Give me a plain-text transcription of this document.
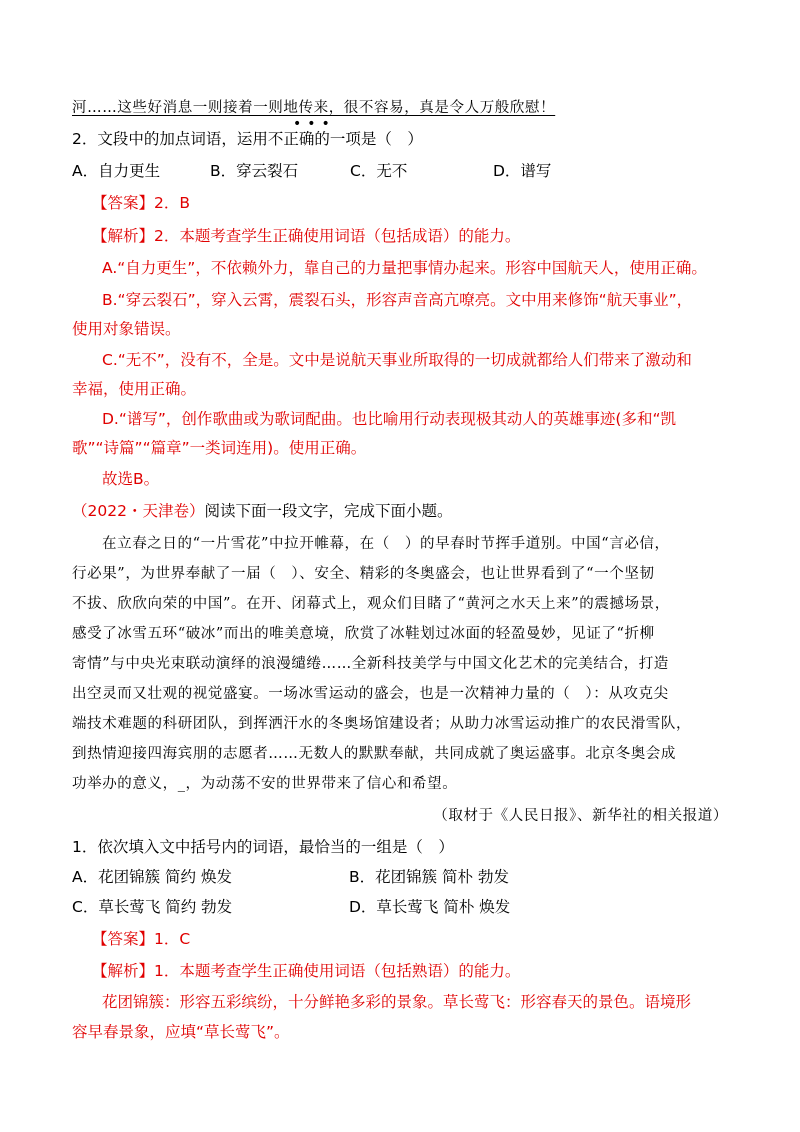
河……这些好消息一则接着一则地传来，很不容易，真是令人万般欣慰！
•••
2．文段中的加点词语，运用不正确的一项是（　）
A．自力更生	B．穿云裂石	C．无不	D．谱写
【答案】2．B
【解析】2．本题考查学生正确使用词语（包括成语）的能力。
A.“自力更生”，不依赖外力，靠自己的力量把事情办起来。形容中国航天人，使用正确。
B.“穿云裂石”，穿入云霄，震裂石头，形容声音高亢嘹亮。文中用来修饰“航天事业”，
使用对象错误。
C.“无不”，没有不，全是。文中是说航天事业所取得的一切成就都给人们带来了激动和
幸福，使用正确。
D.“谱写”，创作歌曲或为歌词配曲。也比喻用行动表现极其动人的英雄事迹(多和“凯
歌”“诗篇”“篇章”一类词连用)。使用正确。
故选B。
（2022・天津卷）阅读下面一段文字，完成下面小题。
在立春之日的“一片雪花”中拉开帷幕，在（　）的早春时节挥手道别。中国“言必信，
行必果”，为世界奉献了一届（　）、安全、精彩的冬奥盛会，也让世界看到了“一个坚韧
不拔、欣欣向荣的中国”。在开、闭幕式上，观众们目睹了“黄河之水天上来”的震撼场景，
感受了冰雪五环“破冰”而出的唯美意境，欣赏了冰鞋划过冰面的轻盈曼妙，见证了“折柳
寄情”与中央光束联动演绎的浪漫缱绻……全新科技美学与中国文化艺术的完美结合，打造
出空灵而又壮观的视觉盛宴。一场冰雪运动的盛会，也是一次精神力量的（　）：从攻克尖
端技术难题的科研团队，到挥洒汗水的冬奥场馆建设者；从助力冰雪运动推广的农民滑雪队，
到热情迎接四海宾朋的志愿者……无数人的默默奉献，共同成就了奥运盛事。北京冬奥会成
功举办的意义，_，为动荡不安的世界带来了信心和希望。
（取材于《人民日报》、新华社的相关报道）
1．依次填入文中括号内的词语，最恰当的一组是（　）
A．花团锦簇 简约 焕发	B．花团锦簇 简朴 勃发
C．草长莺飞 简约 勃发	D．草长莺飞 简朴 焕发
【答案】1．C
【解析】1．本题考查学生正确使用词语（包括熟语）的能力。
花团锦簇：形容五彩缤纷，十分鲜艳多彩的景象。草长莺飞：形容春天的景色。语境形
容早春景象，应填“草长莺飞”。
